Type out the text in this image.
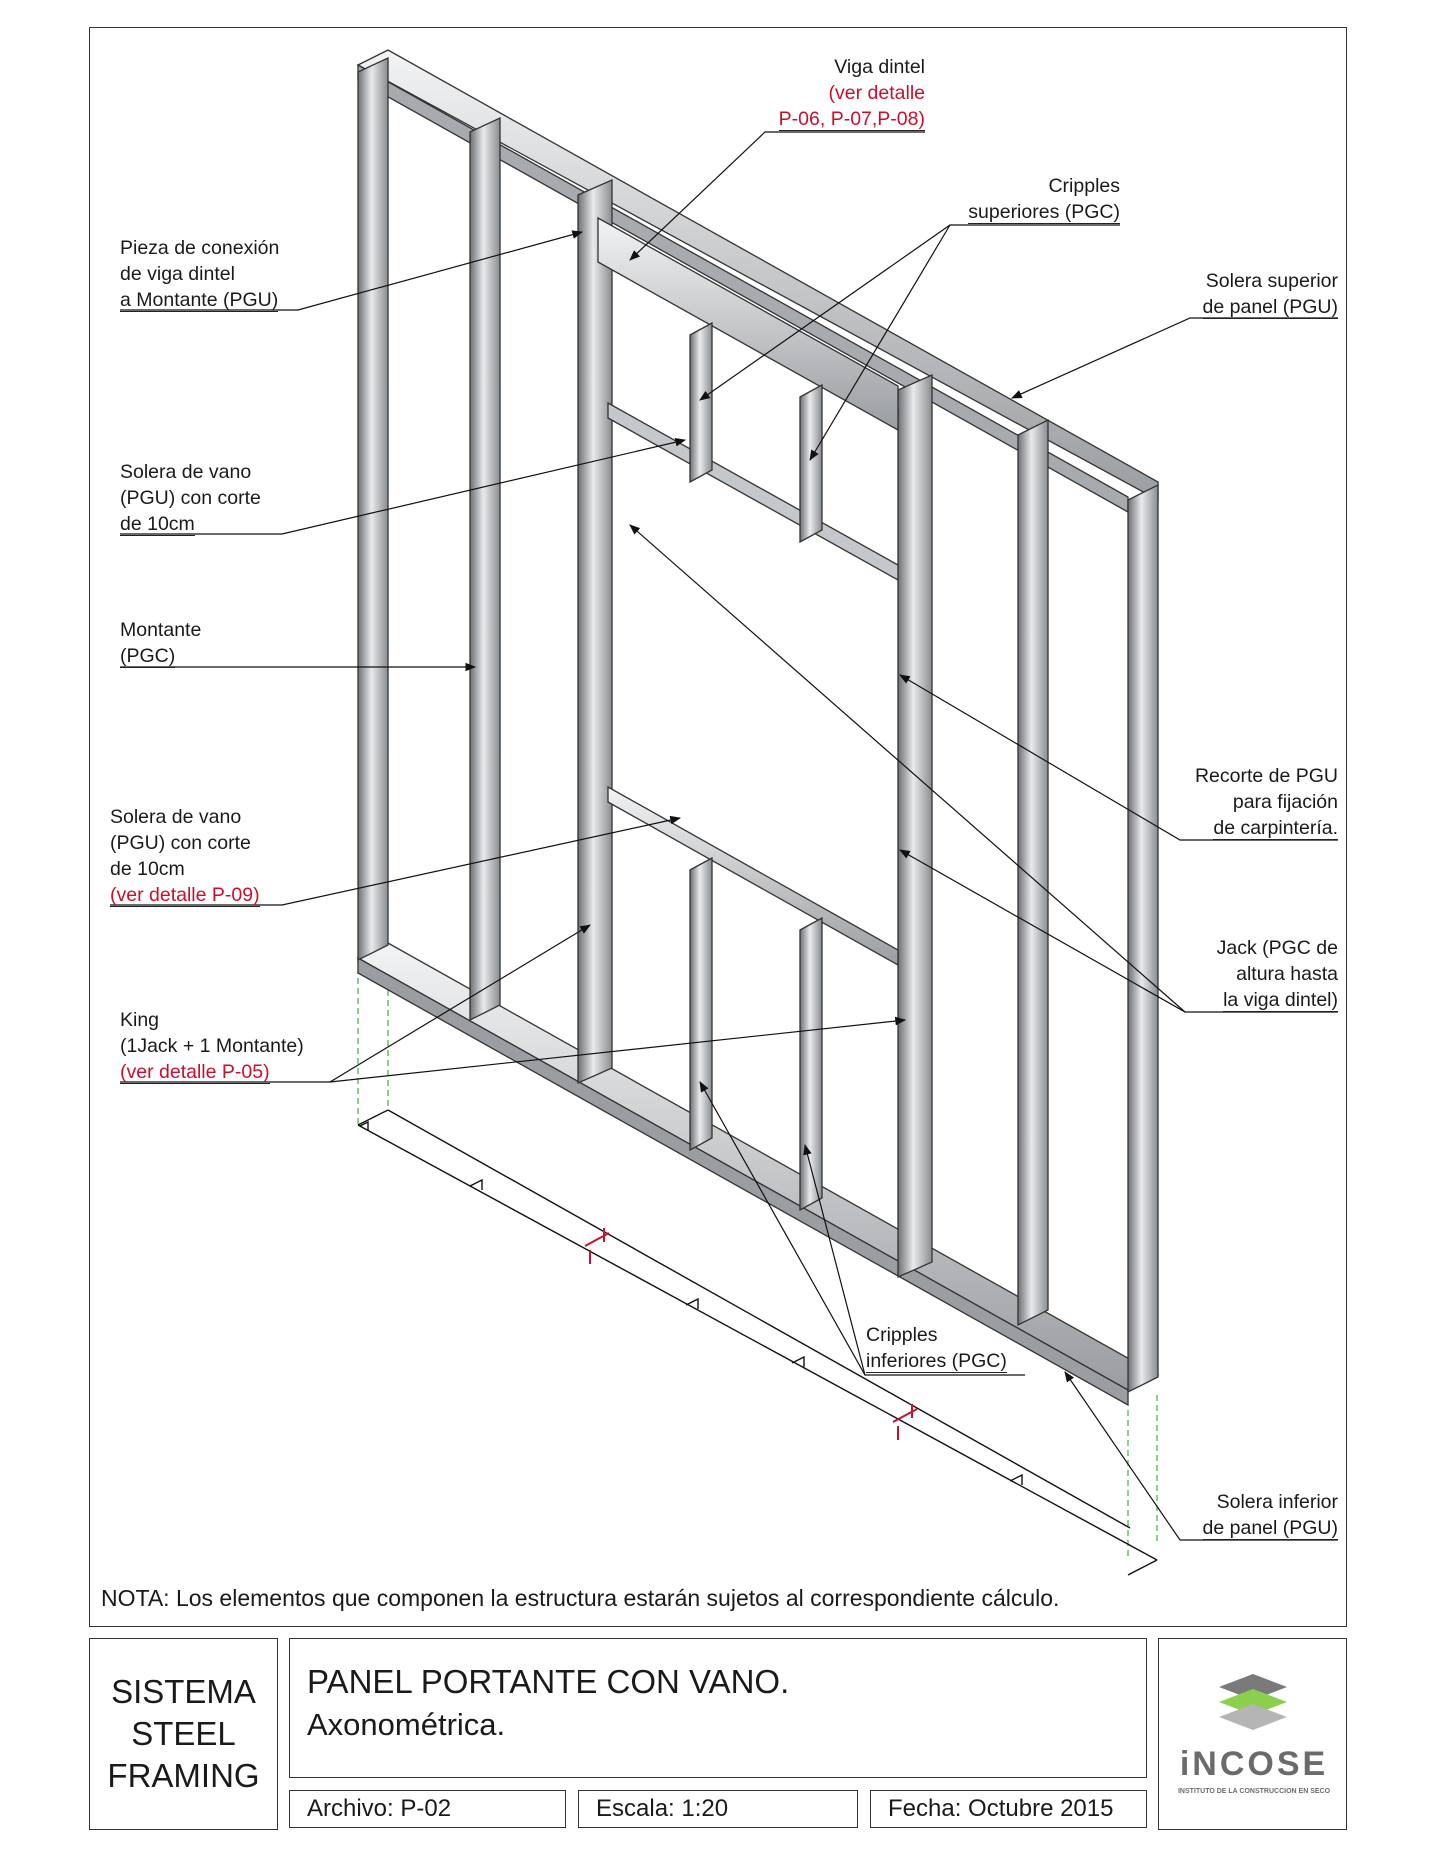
Viga dintel
(ver detalle
P-06, P-07,P-08)
Cripples
superiores (PGC)
Pieza de conexión
de viga dintel
a Montante (PGU)
Solera superior
de panel (PGU)
Solera de vano
(PGU) con corte
de 10cm
Montante
(PGC)
Recorte de PGU
para fijación
de carpintería.
Solera de vano
(PGU) con corte
de 10cm
(ver detalle P-09)
Jack (PGC de
altura hasta
la viga dintel)
King
(1Jack + 1 Montante)
(ver detalle P-05)
Cripples
inferiores (PGC)
Solera inferior
de panel (PGU)
NOTA: Los elementos que componen la estructura estarán sujetos al correspondiente cálculo.
SISTEMA
STEEL
FRAMING
PANEL PORTANTE CON VANO.
Axonométrica.
Archivo: P-02	Escala: 1:20	Fecha: Octubre 2015
iNCOSE
INSTITUTO DE LA CONSTRUCCION EN SECO
